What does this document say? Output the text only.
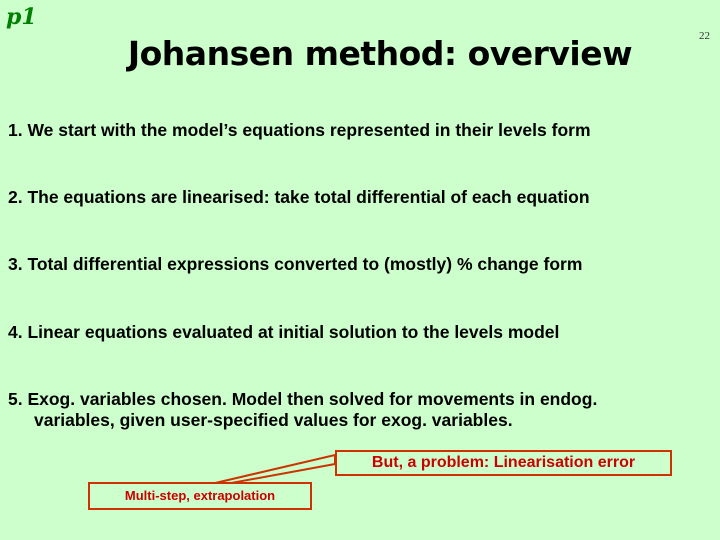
p1
22
Johansen method: overview
1. We start with the model’s equations represented in their levels form
2. The equations are linearised: take total differential of each equation
3. Total differential expressions converted to (mostly) % change form
4. Linear equations evaluated at initial solution to the levels model
5. Exog. variables chosen. Model then solved for movements in endog.
variables, given user-specified values for exog. variables.
But, a problem: Linearisation error
Multi-step, extrapolation
